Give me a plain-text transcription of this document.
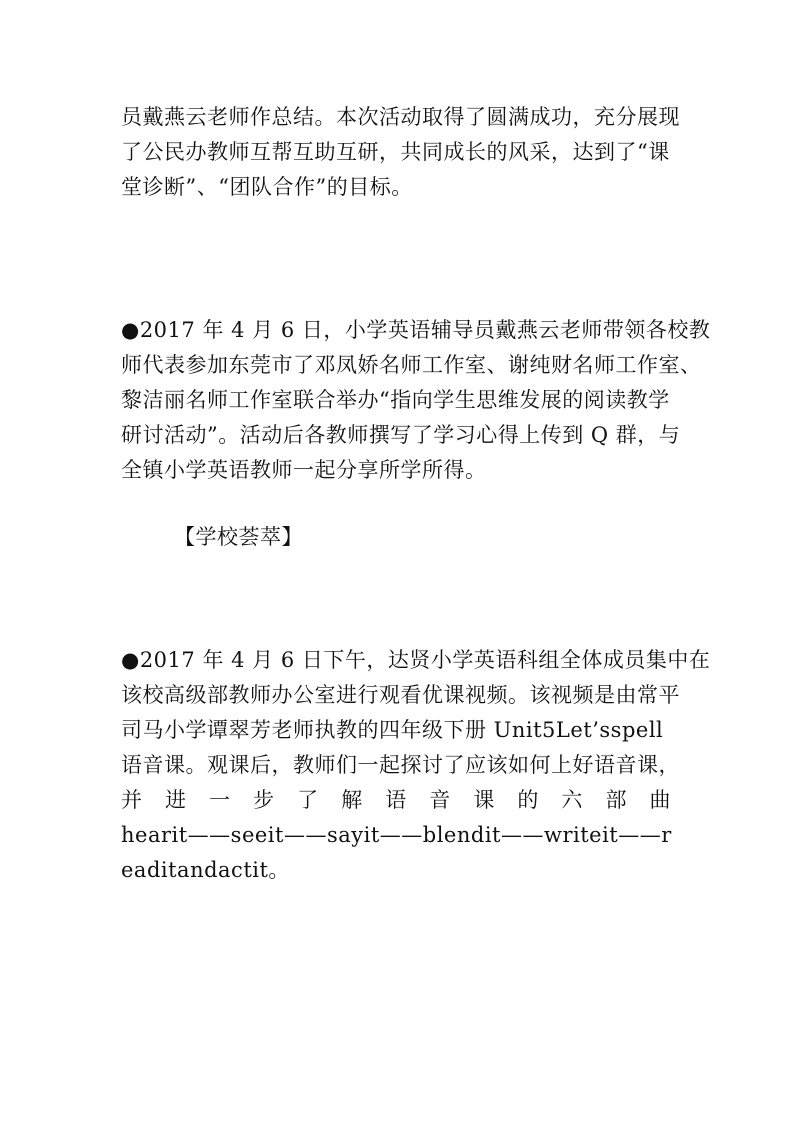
员戴燕云老师作总结。本次活动取得了圆满成功，充分展现
了公民办教师互帮互助互研，共同成长的风采，达到了“课
堂诊断”、“团队合作”的目标。

●2017 年 4 月 6 日，小学英语辅导员戴燕云老师带领各校教
师代表参加东莞市了邓凤娇名师工作室、谢纯财名师工作室、
黎洁丽名师工作室联合举办“指向学生思维发展的阅读教学
研讨活动”。活动后各教师撰写了学习心得上传到 Q 群，与
全镇小学英语教师一起分享所学所得。

【学校荟萃】

●2017 年 4 月 6 日下午，达贤小学英语科组全体成员集中在
该校高级部教师办公室进行观看优课视频。该视频是由常平
司马小学谭翠芳老师执教的四年级下册 Unit5Let’sspell
语音课。观课后，教师们一起探讨了应该如何上好语音课，
并 进 一 步 了 解 语 音 课 的 六 部 曲
hearit——seeit——sayit——blendit——writeit——r
eaditandactit。
